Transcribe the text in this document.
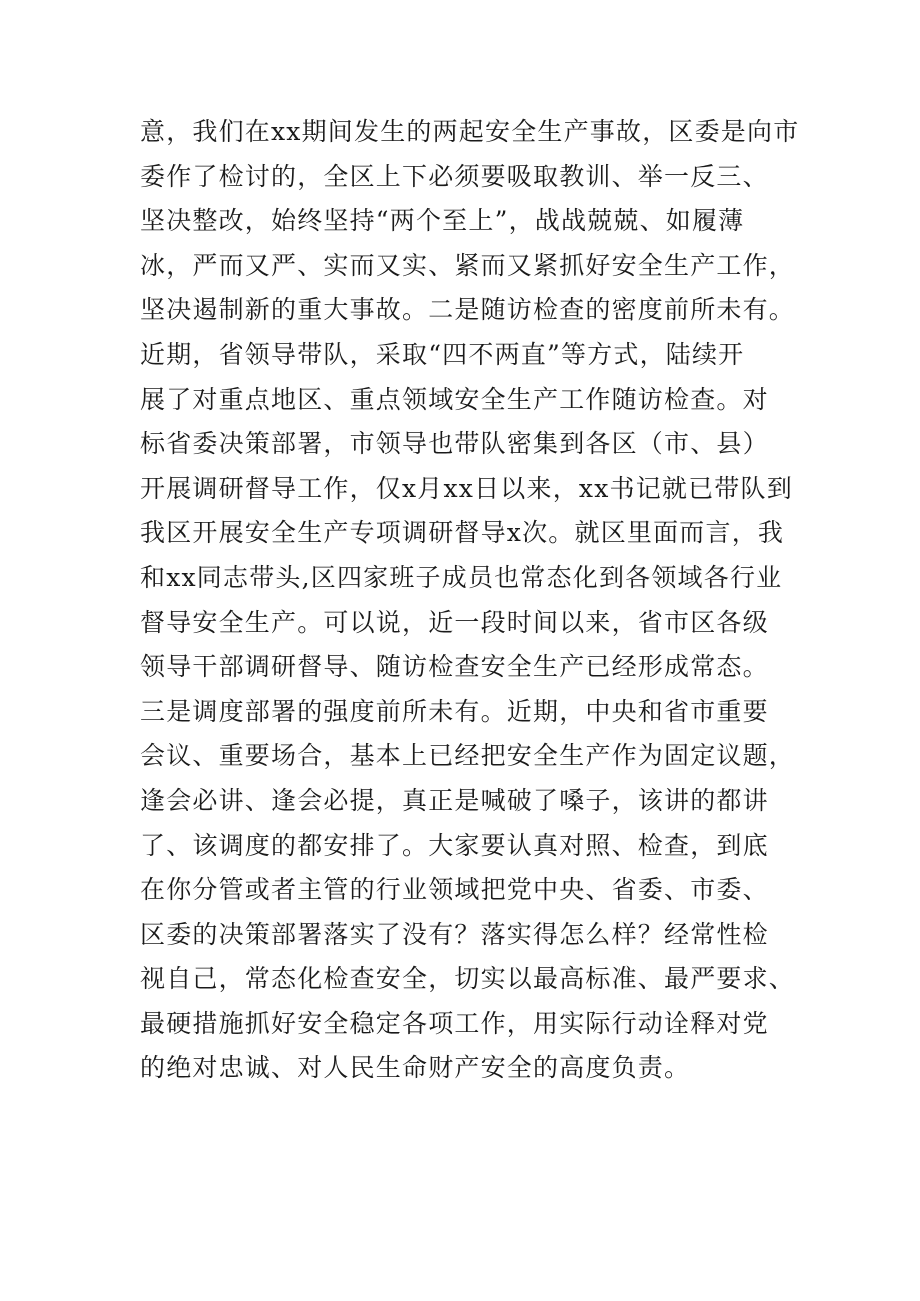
意，我们在xx期间发生的两起安全生产事故，区委是向市
委作了检讨的，全区上下必须要吸取教训、举一反三、
坚决整改，始终坚持“两个至上”，战战兢兢、如履薄
冰，严而又严、实而又实、紧而又紧抓好安全生产工作，
坚决遏制新的重大事故。二是随访检查的密度前所未有。
近期，省领导带队，采取“四不两直”等方式，陆续开
展了对重点地区、重点领域安全生产工作随访检查。对
标省委决策部署，市领导也带队密集到各区（市、县）
开展调研督导工作，仅x月xx日以来，xx书记就已带队到
我区开展安全生产专项调研督导x次。就区里面而言，我
和xx同志带头,区四家班子成员也常态化到各领域各行业
督导安全生产。可以说，近一段时间以来，省市区各级
领导干部调研督导、随访检查安全生产已经形成常态。
三是调度部署的强度前所未有。近期，中央和省市重要
会议、重要场合，基本上已经把安全生产作为固定议题，
逢会必讲、逢会必提，真正是喊破了嗓子，该讲的都讲
了、该调度的都安排了。大家要认真对照、检查，到底
在你分管或者主管的行业领域把党中央、省委、市委、
区委的决策部署落实了没有？落实得怎么样？经常性检
视自己，常态化检查安全，切实以最高标准、最严要求、
最硬措施抓好安全稳定各项工作，用实际行动诠释对党
的绝对忠诚、对人民生命财产安全的高度负责。
